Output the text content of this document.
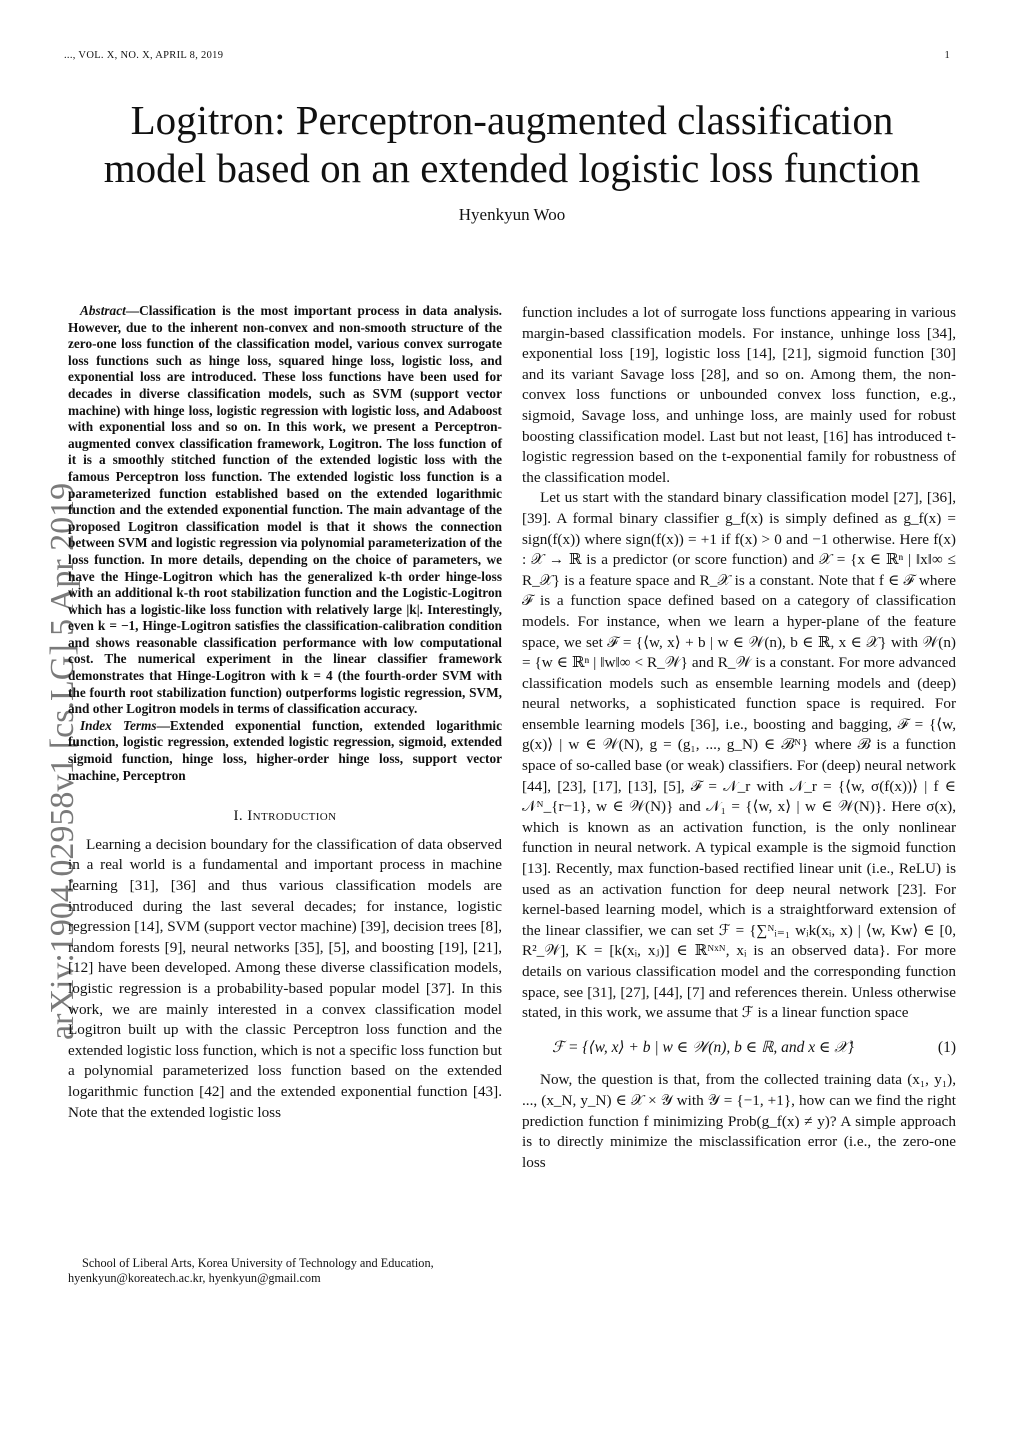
..., VOL. X, NO. X, APRIL 8, 2019	1
arXiv:1904.02958v1 [cs.LG] 5 Apr 2019
Logitron: Perceptron-augmented classification
model based on an extended logistic loss function
Hyenkyun Woo

Abstract—Classification is the most important process in data analysis. However, due to the inherent non-convex and non-smooth structure of the zero-one loss function of the classification model, various convex surrogate loss functions such as hinge loss, squared hinge loss, logistic loss, and exponential loss are introduced. These loss functions have been used for decades in diverse classification models, such as SVM (support vector machine) with hinge loss, logistic regression with logistic loss, and Adaboost with exponential loss and so on. In this work, we present a Perceptron-augmented convex classification framework, Logitron. The loss function of it is a smoothly stitched function of the extended logistic loss with the famous Perceptron loss function. The extended logistic loss function is a parameterized function established based on the extended logarithmic function and the extended exponential function. The main advantage of the proposed Logitron classification model is that it shows the connection between SVM and logistic regression via polynomial parameterization of the loss function. In more details, depending on the choice of parameters, we have the Hinge-Logitron which has the generalized k-th order hinge-loss with an additional k-th root stabilization function and the Logistic-Logitron which has a logistic-like loss function with relatively large |k|. Interestingly, even k = −1, Hinge-Logitron satisfies the classification-calibration condition and shows reasonable classification performance with low computational cost. The numerical experiment in the linear classifier framework demonstrates that Hinge-Logitron with k = 4 (the fourth-order SVM with the fourth root stabilization function) outperforms logistic regression, SVM, and other Logitron models in terms of classification accuracy.

Index Terms—Extended exponential function, extended logarithmic function, logistic regression, extended logistic regression, sigmoid, extended sigmoid function, hinge loss, higher-order hinge loss, support vector machine, Perceptron

I. Introduction

Learning a decision boundary for the classification of data observed in a real world is a fundamental and important process in machine learning [31], [36] and thus various classification models are introduced during the last several decades; for instance, logistic regression [14], SVM (support vector machine) [39], decision trees [8], random forests [9], neural networks [35], [5], and boosting [19], [21], [12] have been developed. Among these diverse classification models, logistic regression is a probability-based popular model [37]. In this work, we are mainly interested in a convex classification model Logitron built up with the classic Perceptron loss function and the extended logistic loss function, which is not a specific loss function but a polynomial parameterized loss function based on the extended logarithmic function [42] and the extended exponential function [43]. Note that the extended logistic loss

School of Liberal Arts, Korea University of Technology and Education,
hyenkyun@koreatech.ac.kr, hyenkyun@gmail.com

function includes a lot of surrogate loss functions appearing in various margin-based classification models. For instance, unhinge loss [34], exponential loss [19], logistic loss [14], [21], sigmoid function [30] and its variant Savage loss [28], and so on. Among them, the non-convex loss functions or unbounded convex loss function, e.g., sigmoid, Savage loss, and unhinge loss, are mainly used for robust boosting classification model. Last but not least, [16] has introduced t-logistic regression based on the t-exponential family for robustness of the classification model.

Let us start with the standard binary classification model [27], [36], [39]. A formal binary classifier g_f(x) is simply defined as g_f(x) = sign(f(x)) where sign(f(x)) = +1 if f(x) > 0 and −1 otherwise. Here f(x) : 𝒳 → ℝ is a predictor (or score function) and 𝒳 = {x ∈ ℝⁿ | ‖x‖∞ ≤ R_𝒳} is a feature space and R_𝒳 is a constant. Note that f ∈ ℱ where ℱ is a function space defined based on a category of classification models. For instance, when we learn a hyper-plane of the feature space, we set ℱ = {⟨w, x⟩ + b | w ∈ 𝒲(n), b ∈ ℝ, x ∈ 𝒳} with 𝒲(n) = {w ∈ ℝⁿ | ‖w‖∞ < R_𝒲} and R_𝒲 is a constant. For more advanced classification models such as ensemble learning models and (deep) neural networks, a sophisticated function space is required. For ensemble learning models [36], i.e., boosting and bagging, ℱ = {⟨w, g(x)⟩ | w ∈ 𝒲(N), g = (g₁, ..., g_N) ∈ ℬᴺ} where ℬ is a function space of so-called base (or weak) classifiers. For (deep) neural network [44], [23], [17], [13], [5], ℱ = 𝒩_r with 𝒩_r = {⟨w, σ(f(x))⟩ | f ∈ 𝒩ᴺ_{r−1}, w ∈ 𝒲(N)} and 𝒩₁ = {⟨w, x⟩ | w ∈ 𝒲(N)}. Here σ(x), which is known as an activation function, is the only nonlinear function in neural network. A typical example is the sigmoid function [13]. Recently, max function-based rectified linear unit (i.e., ReLU) is used as an activation function for deep neural network [23]. For kernel-based learning model, which is a straightforward extension of the linear classifier, we can set ℱ = {∑ᴺᵢ₌₁ wᵢk(xᵢ, x) | ⟨w, Kw⟩ ∈ [0, R²_𝒲], K = [k(xᵢ, xⱼ)] ∈ ℝᴺˣᴺ, xᵢ is an observed data}. For more details on various classification model and the corresponding function space, see [31], [27], [44], [7] and references therein. Unless otherwise stated, in this work, we assume that ℱ is a linear function space

ℱ = {⟨w, x⟩ + b | w ∈ 𝒲(n), b ∈ ℝ, and x ∈ 𝒳}	(1)

Now, the question is that, from the collected training data (x₁, y₁), ..., (x_N, y_N) ∈ 𝒳 × 𝒴 with 𝒴 = {−1, +1}, how can we find the right prediction function f minimizing Prob(g_f(x) ≠ y)? A simple approach is to directly minimize the misclassification error (i.e., the zero-one loss
